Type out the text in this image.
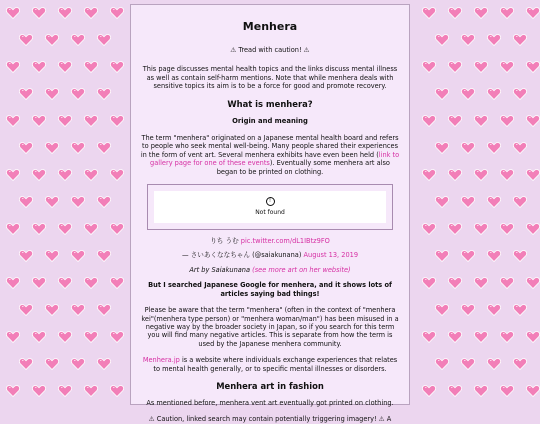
Menhera
⚠ Tread with caution! ⚠
This page discusses mental health topics and the links discuss mental illness as well as contain self-harm mentions. Note that while menhera deals with sensitive topics its aim is to be a force for good and promote recovery.
What is menhera?
Origin and meaning
The term "menhera" originated on a Japanese mental health board and refers to people who seek mental well-being. Many people shared their experiences in the form of vent art. Several menhera exhibits have even been held (link to gallery page for one of these events). Eventually some menhera art also began to be printed on clothing.
!
Not found
りち うむ pic.twitter.com/dL1IBtz9FO
— さいあくななちゃん (@saiakunana) August 13, 2019
Art by Saiakunana (see more art on her website)
But I searched Japanese Google for menhera, and it shows lots of articles saying bad things!
Please be aware that the term "menhera" (often in the context of "menhera kei"(menhera type person) or "menhera woman/man") has been misused in a negative way by the broader society in Japan, so if you search for this term you will find many negative articles. This is separate from how the term is used by the Japanese menhera community.
Menhera.jp is a website where individuals exchange experiences that relates to mental health generally, or to specific mental illnesses or disorders.
Menhera art in fashion
As mentioned before, menhera vent art eventually got printed on clothing.
⚠ Caution, linked search may contain potentially triggering imagery! ⚠ A
